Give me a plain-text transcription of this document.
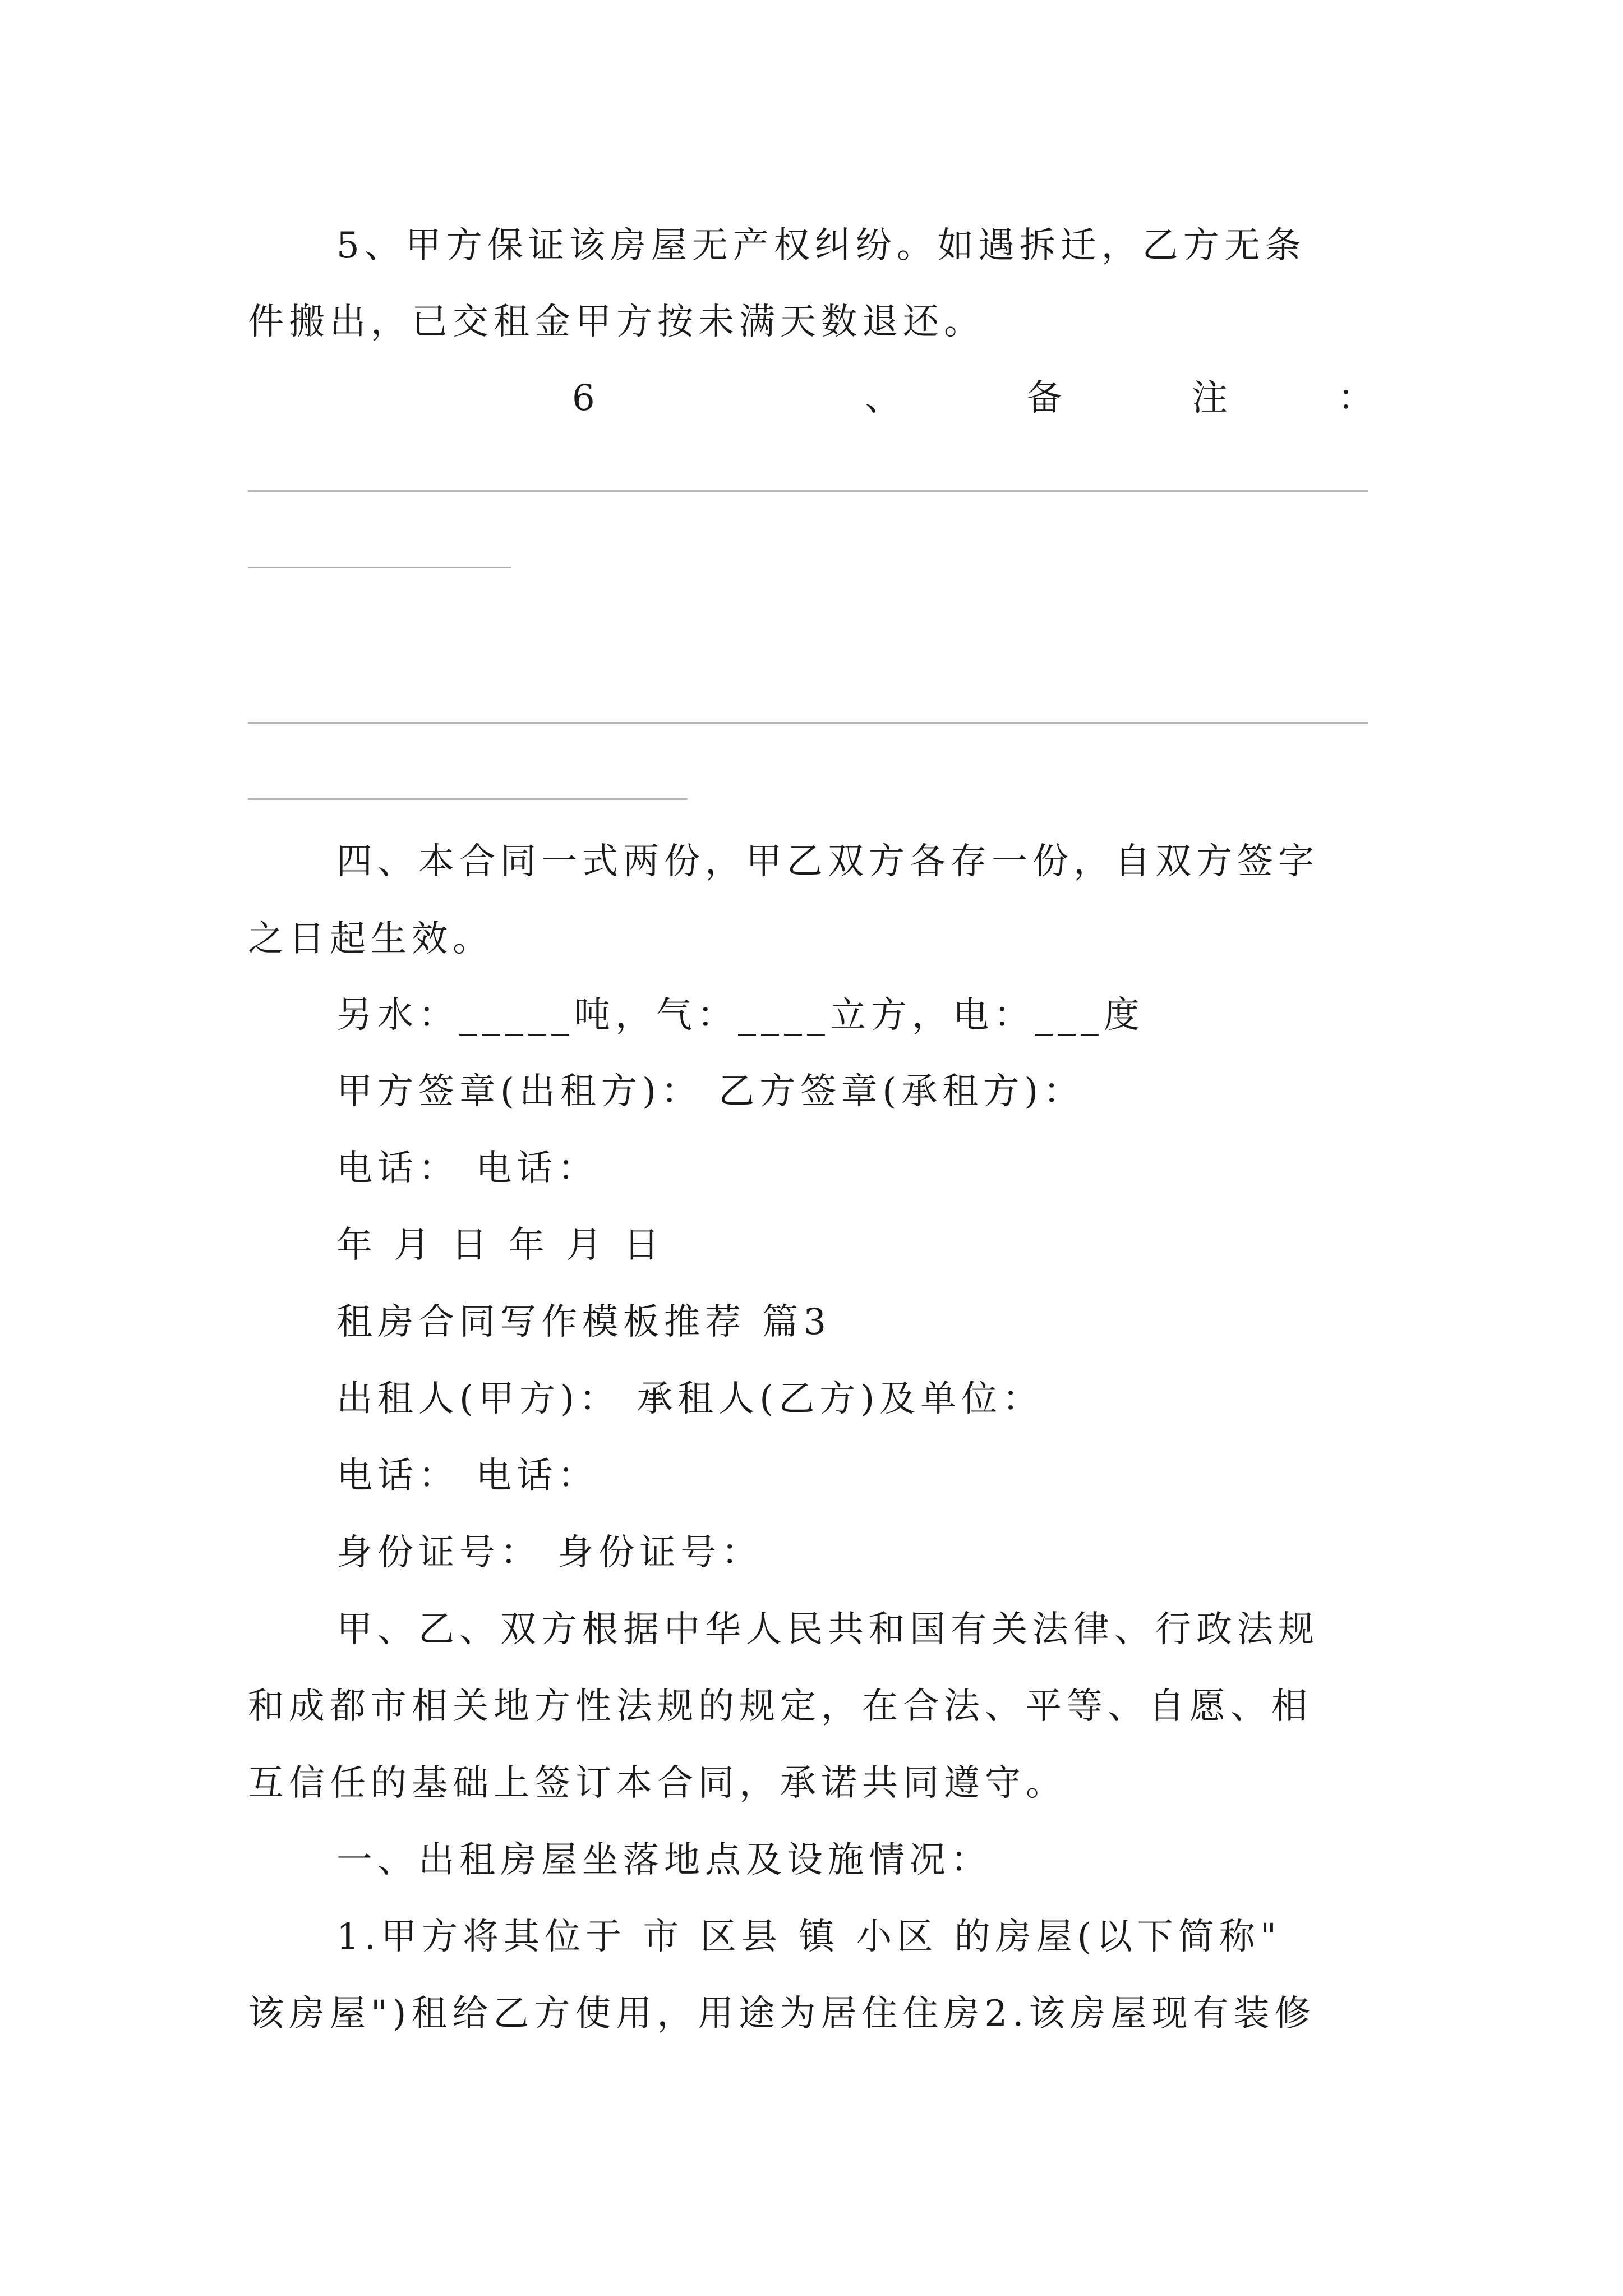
5、甲方保证该房屋无产权纠纷。如遇拆迁，乙方无条
件搬出，已交租金甲方按未满天数退还。
6	、	备	注	：
四、本合同一式两份，甲乙双方各存一份，自双方签字
之日起生效。
另水：_____吨，气：____立方，电：___度
甲方签章(出租方)： 乙方签章(承租方)：
电话： 电话：
年 月 日 年 月 日
租房合同写作模板推荐 篇3
出租人(甲方)： 承租人(乙方)及单位：
电话： 电话：
身份证号： 身份证号：
甲、乙、双方根据中华人民共和国有关法律、行政法规
和成都市相关地方性法规的规定，在合法、平等、自愿、相
互信任的基础上签订本合同，承诺共同遵守。
一、出租房屋坐落地点及设施情况：
1.甲方将其位于 市 区县 镇 小区 的房屋(以下简称"
该房屋")租给乙方使用，用途为居住住房2.该房屋现有装修
